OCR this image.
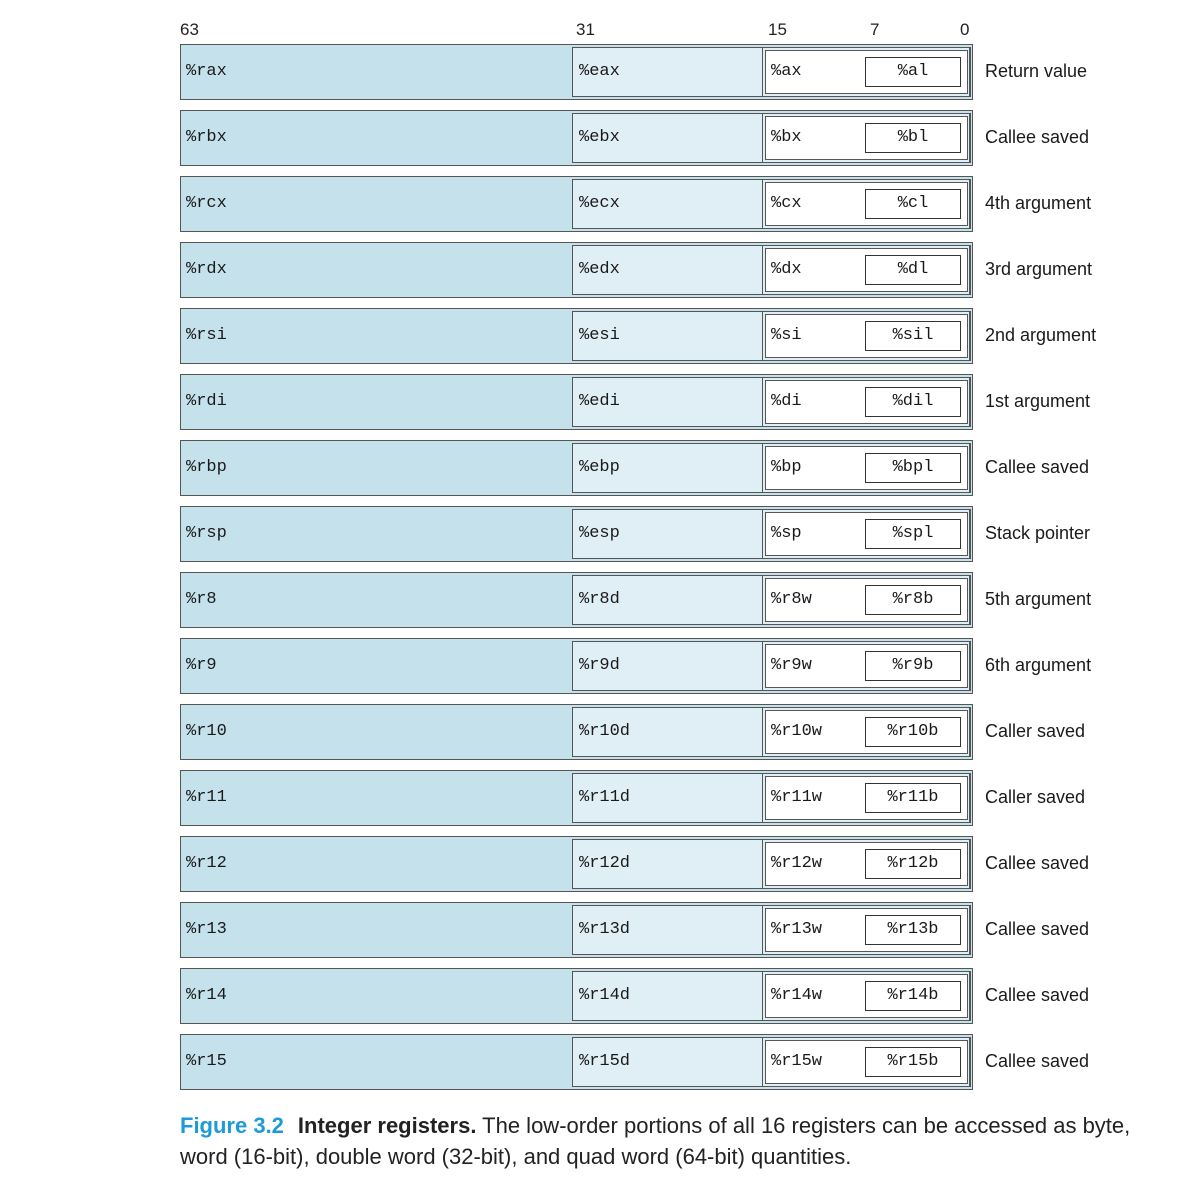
63	31	15	7	0
%rax	%eax	%ax	%al	Return value
%rbx	%ebx	%bx	%bl	Callee saved
%rcx	%ecx	%cx	%cl	4th argument
%rdx	%edx	%dx	%dl	3rd argument
%rsi	%esi	%si	%sil	2nd argument
%rdi	%edi	%di	%dil	1st argument
%rbp	%ebp	%bp	%bpl	Callee saved
%rsp	%esp	%sp	%spl	Stack pointer
%r8	%r8d	%r8w	%r8b	5th argument
%r9	%r9d	%r9w	%r9b	6th argument
%r10	%r10d	%r10w	%r10b	Caller saved
%r11	%r11d	%r11w	%r11b	Caller saved
%r12	%r12d	%r12w	%r12b	Callee saved
%r13	%r13d	%r13w	%r13b	Callee saved
%r14	%r14d	%r14w	%r14b	Callee saved
%r15	%r15d	%r15w	%r15b	Callee saved
Figure 3.2 Integer registers. The low-order portions of all 16 registers can be accessed as byte, word (16-bit), double word (32-bit), and quad word (64-bit) quantities.
